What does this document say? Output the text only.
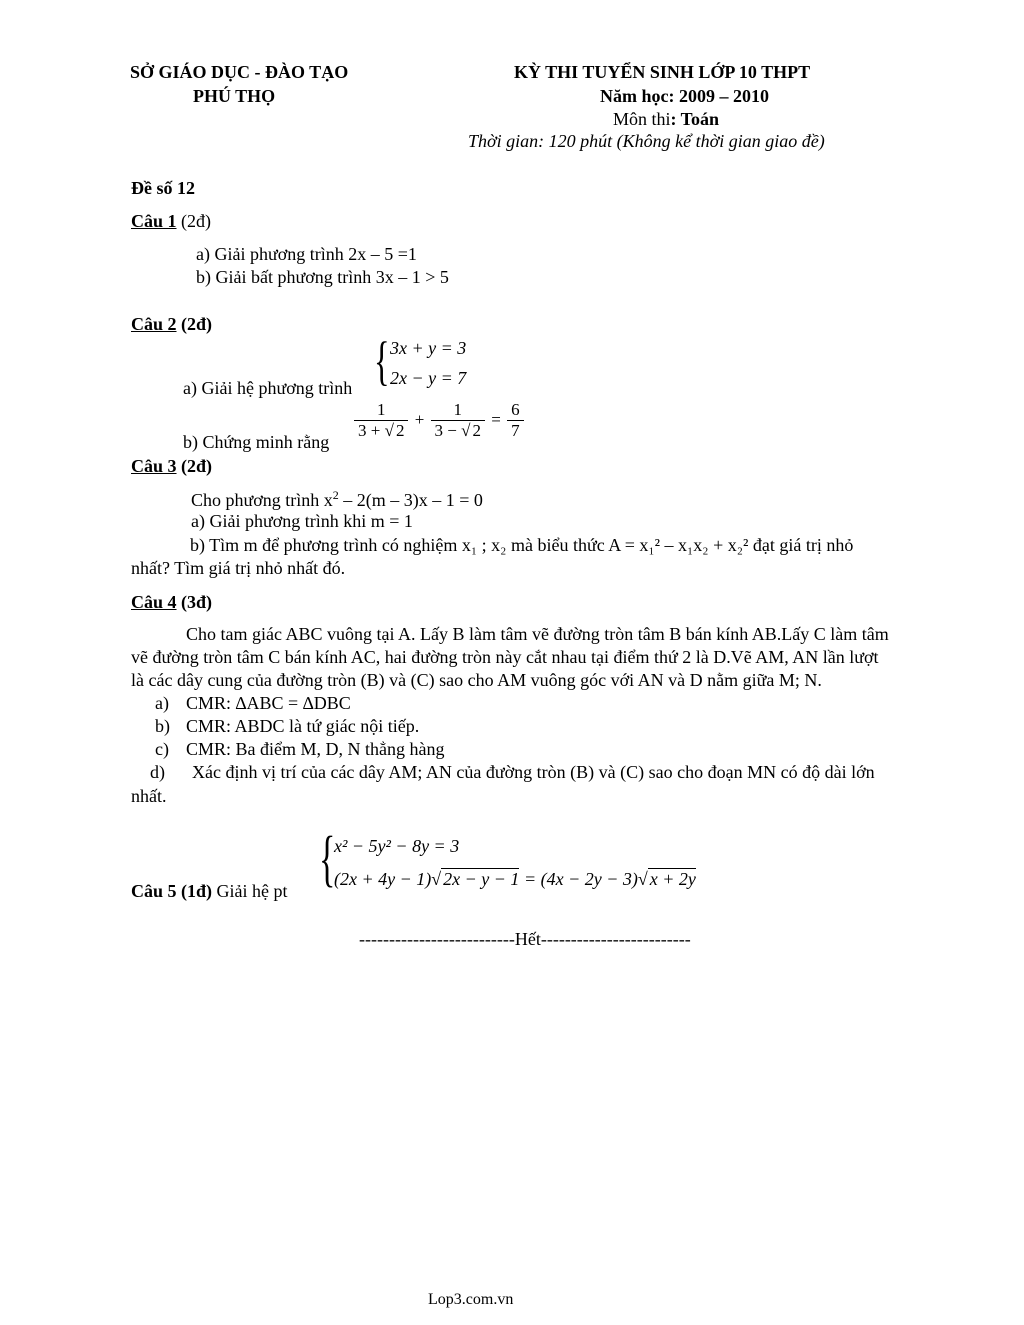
SỞ GIÁO DỤC - ĐÀO TẠO
PHÚ THỌ
KỲ THI TUYỂN SINH LỚP 10 THPT
Năm học: 2009 – 2010
Môn thi: Toán
Thời gian: 120 phút (Không kể thời gian giao đề)
Đề số 12
Câu 1 (2đ)
a) Giải phương trình 2x – 5 =1
b) Giải bất phương trình 3x – 1 > 5
Câu 2 (2đ)
a) Giải hệ phương trình { 3x + y = 3
2x − y = 7
b) Chứng minh rằng
$\frac{1}{3 + √ 2} + \frac{1}{3 - √ 2} = \frac{6}{7}$
Câu 3 (2đ)
Cho phương trình $x^2 - 2(m - 3)x - 1 = 0$
a) Giải phương trình khi m = 1
b) Tìm m để phương trình có nghiệm x₁ ; x₂ mà biểu thức A = x₁² – x₁x₂ + x₂² đạt giá trị nhỏ
nhất? Tìm giá trị nhỏ nhất đó.
Câu 4 (3đ)
Cho tam giác ABC vuông tại A. Lấy B làm tâm vẽ đường tròn tâm B bán kính AB.Lấy C làm tâm
vẽ đường tròn tâm C bán kính AC, hai đường tròn này cắt nhau tại điểm thứ 2 là D.Vẽ AM, AN lần lượt
là các dây cung của đường tròn (B) và (C) sao cho AM vuông góc với AN và D nằm giữa M; N.
a) CMR: ∆ABC = ∆DBC
b) CMR: ABDC là tứ giác nội tiếp.
c) CMR: Ba điểm M, D, N thẳng hàng
d) Xác định vị trí của các dây AM; AN của đường tròn (B) và (C) sao cho đoạn MN có độ dài lớn
nhất.
Câu 5 (1đ) Giải hệ pt {
x² − 5y² − 8y = 3
(2x + 4y − 1)√ 2x − y − 1 = (4x − 2y − 3)√ x + 2y
--------------------------Hết-------------------------
Lop3.com.vn
